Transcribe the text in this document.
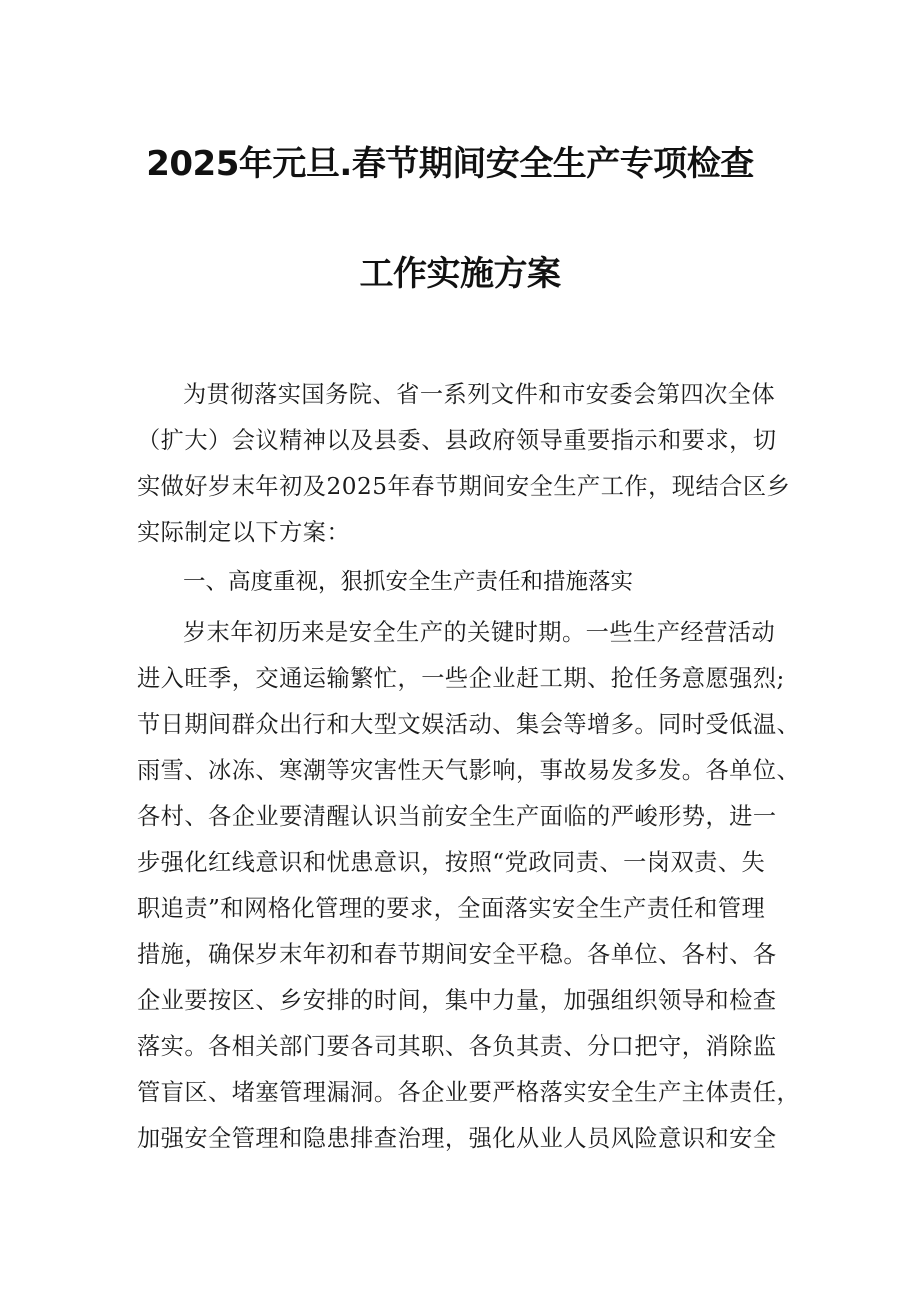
2025年元旦.春节期间安全生产专项检查
工作实施方案
为贯彻落实国务院、省一系列文件和市安委会第四次全体
（扩大）会议精神以及县委、县政府领导重要指示和要求，切
实做好岁末年初及2025年春节期间安全生产工作，现结合区乡
实际制定以下方案：
一、高度重视，狠抓安全生产责任和措施落实
岁末年初历来是安全生产的关键时期。一些生产经营活动
进入旺季，交通运输繁忙，一些企业赶工期、抢任务意愿强烈;
节日期间群众出行和大型文娱活动、集会等增多。同时受低温、
雨雪、冰冻、寒潮等灾害性天气影响，事故易发多发。各单位、
各村、各企业要清醒认识当前安全生产面临的严峻形势，进一
步强化红线意识和忧患意识，按照“党政同责、一岗双责、失
职追责”和网格化管理的要求，全面落实安全生产责任和管理
措施，确保岁末年初和春节期间安全平稳。各单位、各村、各
企业要按区、乡安排的时间，集中力量，加强组织领导和检查
落实。各相关部门要各司其职、各负其责、分口把守，消除监
管盲区、堵塞管理漏洞。各企业要严格落实安全生产主体责任，
加强安全管理和隐患排查治理，强化从业人员风险意识和安全
